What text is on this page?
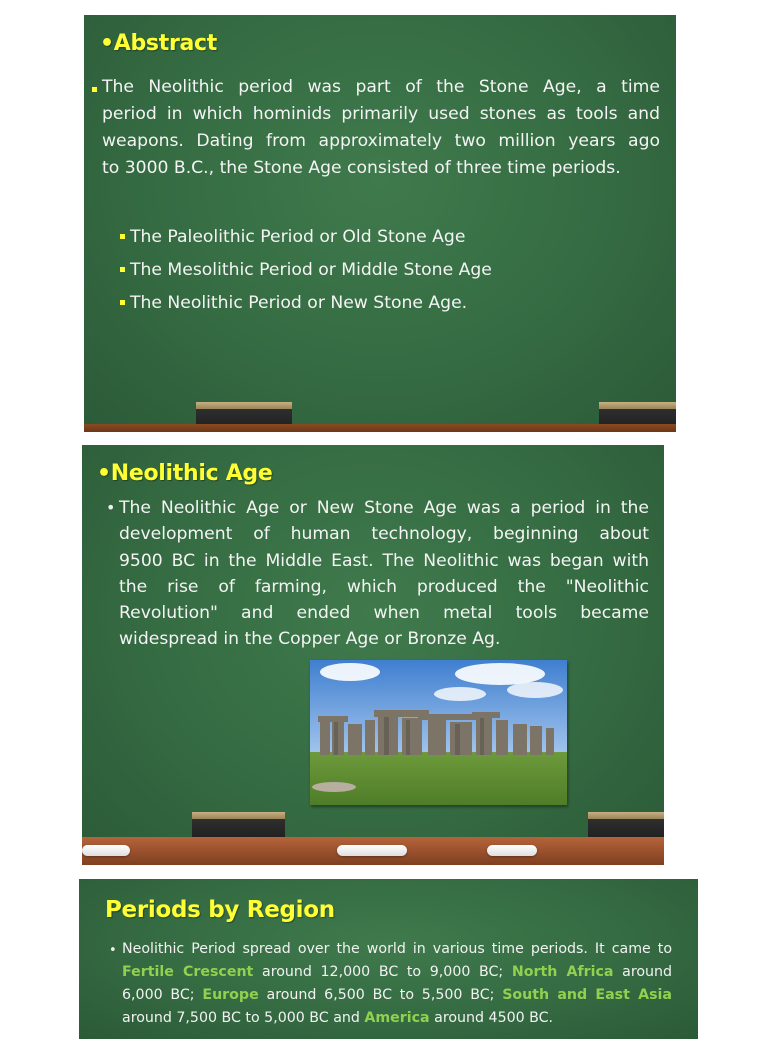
•Abstract
The Neolithic period was part of the Stone Age, a time
period in which hominids primarily used stones as tools and
weapons. Dating from approximately two million years ago
to 3000 B.C., the Stone Age consisted of three time periods.
The Paleolithic Period or Old Stone Age
The Mesolithic Period or Middle Stone Age
The Neolithic Period or New Stone Age.
•Neolithic Age
• The Neolithic Age or New Stone Age was a period in the
development of human technology, beginning about
9500 BC in the Middle East. The Neolithic was began with
the rise of farming, which produced the "Neolithic
Revolution" and ended when metal tools became
widespread in the Copper Age or Bronze Ag.
Periods by Region
• Neolithic Period spread over the world in various time periods. It came to Fertile Crescent around 12,000 BC to 9,000 BC; North Africa around 6,000 BC; Europe around 6,500 BC to 5,500 BC; South and East Asia around 7,500 BC to 5,000 BC and America around 4500 BC.
